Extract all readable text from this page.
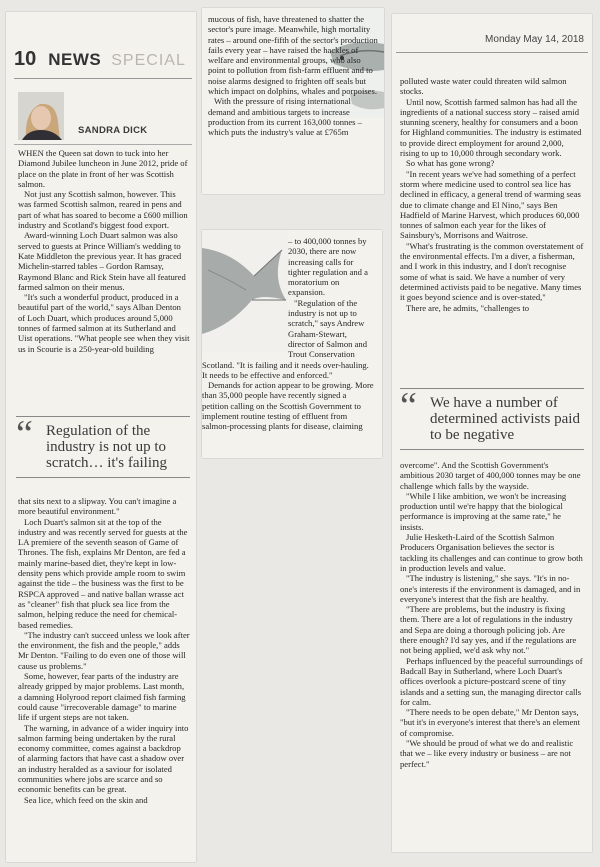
10 NEWS SPECIAL
SANDRA DICK

WHEN the Queen sat down to tuck into her Diamond Jubilee luncheon in June 2012, pride of place on the plate in front of her was Scottish salmon.

Not just any Scottish salmon, however. This was farmed Scottish salmon, reared in pens and part of what has soared to become a £600 million industry and Scotland's biggest food export.

Award-winning Loch Duart salmon was also served to guests at Prince William's wedding to Kate Middleton the previous year. It has graced Michelin-starred tables – Gordon Ramsay, Raymond Blanc and Rick Stein have all featured farmed salmon on their menus.

"It's such a wonderful product, produced in a beautiful part of the world," says Alban Denton of Loch Duart, which produces around 5,000 tonnes of farmed salmon at its Sutherland and Uist operations. "What people see when they visit us in Scourie is a 250-year-old building

“ Regulation of the industry is not up to scratch… it's failing

that sits next to a slipway. You can't imagine a more beautiful environment."

Loch Duart's salmon sit at the top of the industry and was recently served for guests at the LA premiere of the seventh season of Game of Thrones. The fish, explains Mr Denton, are fed a mainly marine-based diet, they're kept in low-density pens which provide ample room to swim against the tide – the business was the first to be RSPCA approved – and native ballan wrasse act as "cleaner" fish that pluck sea lice from the salmon, helping reduce the need for chemical-based remedies.

"The industry can't succeed unless we look after the environment, the fish and the people," adds Mr Denton. "Failing to do even one of those will cause us problems."

Some, however, fear parts of the industry are already gripped by major problems. Last month, a damning Holyrood report claimed fish farming could cause "irrecoverable damage" to marine life if urgent steps are not taken.

The warning, in advance of a wider inquiry into salmon farming being undertaken by the rural economy committee, comes against a backdrop of alarming factors that have cast a shadow over an industry heralded as a saviour for isolated communities where jobs are scarce and so economic benefits can be great.

Sea lice, which feed on the skin and

mucous of fish, have threatened to shatter the sector's pure image. Meanwhile, high mortality rates – around one-fifth of the sector's production fails every year – have raised the hackles of welfare and environmental groups, who also point to pollution from fish-farm effluent and to noise alarms designed to frighten off seals but which impact on dolphins, whales and porpoises.

With the pressure of rising international demand and ambitious targets to increase production from its current 163,000 tonnes – which puts the industry's value at £765m

– to 400,000 tonnes by 2030, there are now increasing calls for tighter regulation and a moratorium on expansion.

"Regulation of the industry is not up to scratch," says Andrew Graham-Stewart, director of Salmon and Trout Conservation Scotland. "It is failing and it needs over-hauling. It needs to be effective and enforced."

Demands for action appear to be growing. More than 35,000 people have recently signed a petition calling on the Scottish Government to implement routine testing of effluent from salmon-processing plants for disease, claiming

Monday May 14, 2018

polluted waste water could threaten wild salmon stocks.

Until now, Scottish farmed salmon has had all the ingredients of a national success story – raised amid stunning scenery, healthy for consumers and a boon for Highland communities. The industry is estimated to provide direct employment for around 2,000, rising to up to 10,000 through secondary work.

So what has gone wrong?

"In recent years we've had something of a perfect storm where medicine used to control sea lice has declined in efficacy, a general trend of warming seas due to climate change and El Nino," says Ben Hadfield of Marine Harvest, which produces 60,000 tonnes of salmon each year for the likes of Sainsbury's, Morrisons and Waitrose.

"What's frustrating is the common overstatement of the environmental effects. I'm a diver, a fisherman, and I work in this industry, and I don't recognise some of what is said. We have a number of very determined activists paid to be negative. Many times it goes beyond science and is over-stated,"

There are, he admits, "challenges to

“ We have a number of determined activists paid to be negative

overcome". And the Scottish Government's ambitious 2030 target of 400,000 tonnes may be one challenge which falls by the wayside.

"While I like ambition, we won't be increasing production until we're happy that the biological performance is improving at the same rate," he insists.

Julie Hesketh-Laird of the Scottish Salmon Producers Organisation believes the sector is tackling its challenges and can continue to grow both in production levels and value.

"The industry is listening," she says. "It's in no-one's interests if the environment is damaged, and in everyone's interest that the fish are healthy.

"There are problems, but the industry is fixing them. There are a lot of regulations in the industry and Sepa are doing a thorough policing job. Are there enough? I'd say yes, and if the regulations are not being applied, we'd ask why not."

Perhaps influenced by the peaceful surroundings of Badcall Bay in Sutherland, where Loch Duart's offices overlook a picture-postcard scene of tiny islands and a setting sun, the managing director calls for calm.

"There needs to be open debate," Mr Denton says, "but it's in everyone's interest that there's an element of compromise.

"We should be proud of what we do and realistic that we – like every industry or business – are not perfect."
